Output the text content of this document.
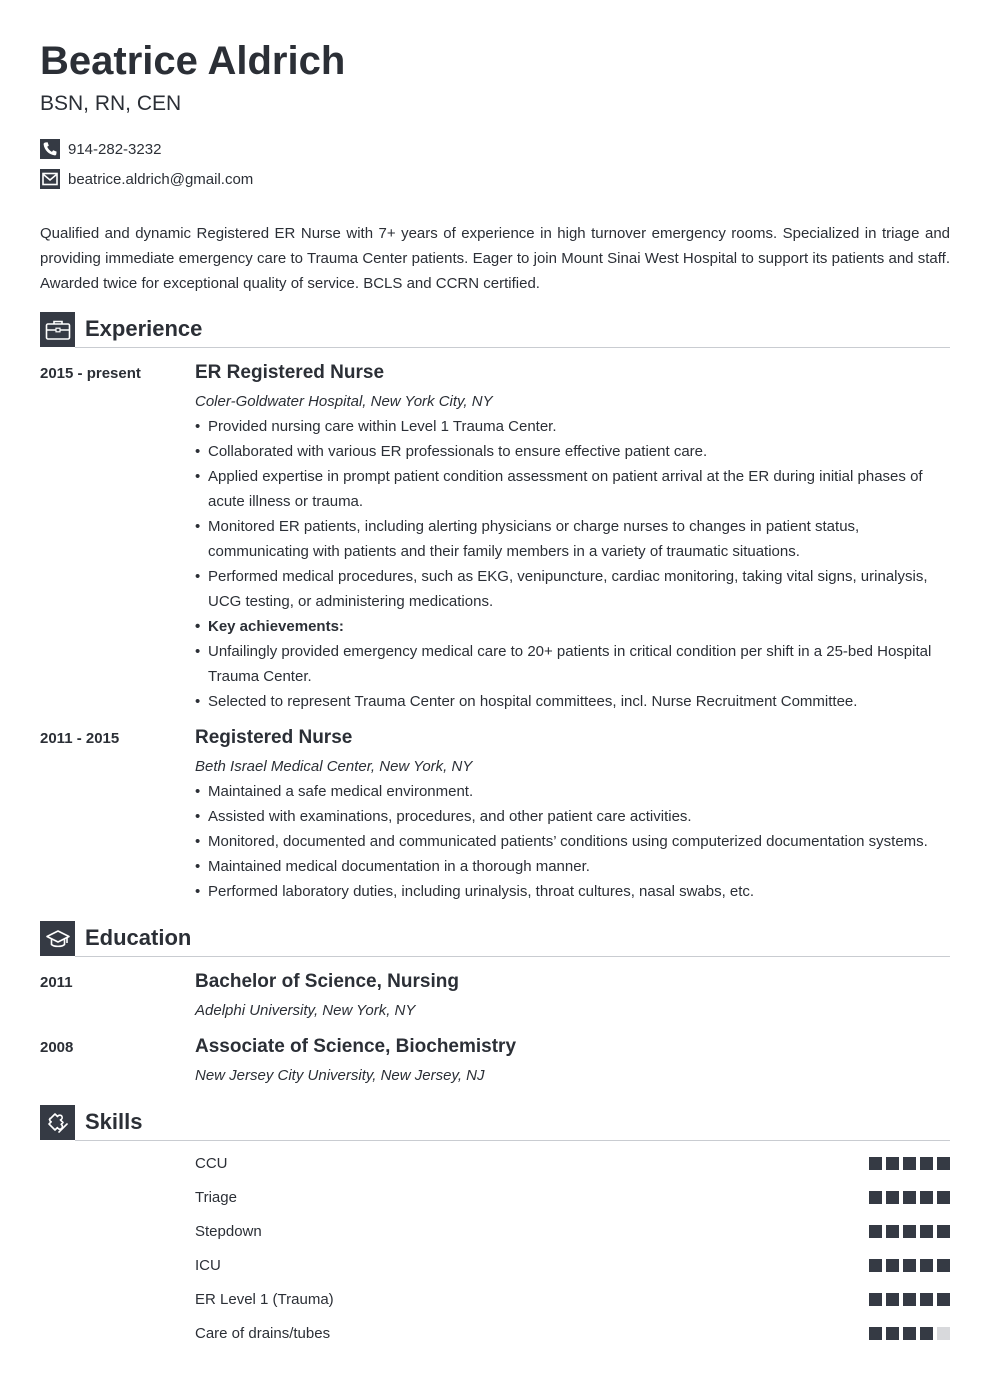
Beatrice Aldrich
BSN, RN, CEN
914-282-3232
beatrice.aldrich@gmail.com

Qualified and dynamic Registered ER Nurse with 7+ years of experience in high turnover emergency rooms. Specialized in triage and providing immediate emergency care to Trauma Center patients. Eager to join Mount Sinai West Hospital to support its patients and staff. Awarded twice for exceptional quality of service. BCLS and CCRN certified.

Experience
2015 - present	ER Registered Nurse
Coler-Goldwater Hospital, New York City, NY
• Provided nursing care within Level 1 Trauma Center.
• Collaborated with various ER professionals to ensure effective patient care.
• Applied expertise in prompt patient condition assessment on patient arrival at the ER during initial phases of acute illness or trauma.
• Monitored ER patients, including alerting physicians or charge nurses to changes in patient status, communicating with patients and their family members in a variety of traumatic situations.
• Performed medical procedures, such as EKG, venipuncture, cardiac monitoring, taking vital signs, urinalysis, UCG testing, or administering medications.
• Key achievements:
• Unfailingly provided emergency medical care to 20+ patients in critical condition per shift in a 25-bed Hospital Trauma Center.
• Selected to represent Trauma Center on hospital committees, incl. Nurse Recruitment Committee.
2011 - 2015	Registered Nurse
Beth Israel Medical Center, New York, NY
• Maintained a safe medical environment.
• Assisted with examinations, procedures, and other patient care activities.
• Monitored, documented and communicated patients’ conditions using computerized documentation systems.
• Maintained medical documentation in a thorough manner.
• Performed laboratory duties, including urinalysis, throat cultures, nasal swabs, etc.
Education
2011	Bachelor of Science, Nursing
Adelphi University, New York, NY
2008	Associate of Science, Biochemistry
New Jersey City University, New Jersey, NJ
Skills
CCU
Triage
Stepdown
ICU
ER Level 1 (Trauma)
Care of drains/tubes
